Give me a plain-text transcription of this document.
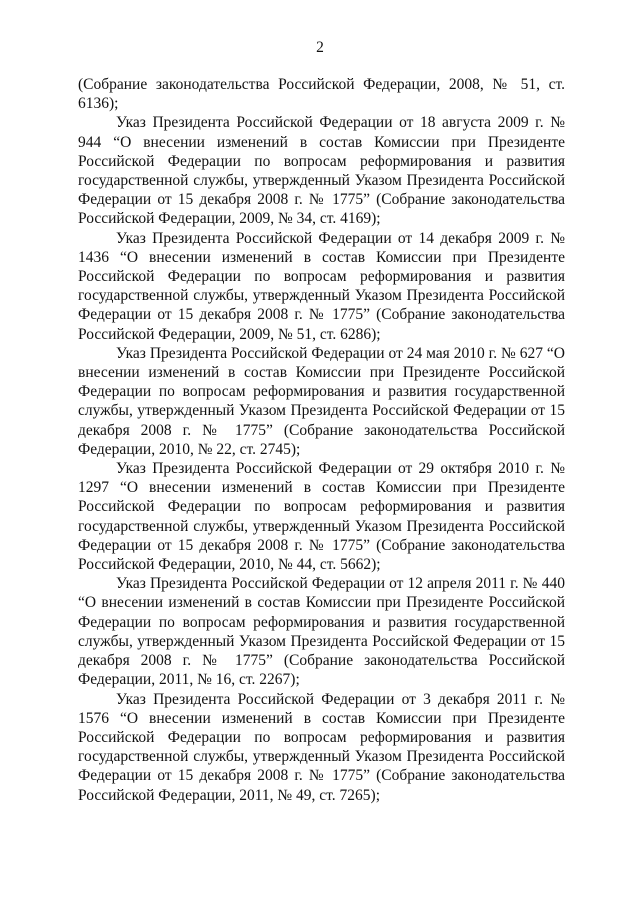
2

(Собрание законодательства Российской Федерации, 2008, № 51, ст. 6136);

Указ Президента Российской Федерации от 18 августа 2009 г. № 944 “О внесении изменений в состав Комиссии при Президенте Российской Федерации по вопросам реформирования и развития государственной службы, утвержденный Указом Президента Российской Федерации от 15 декабря 2008 г. № 1775” (Собрание законодательства Российской Федерации, 2009, № 34, ст. 4169);

Указ Президента Российской Федерации от 14 декабря 2009 г. № 1436 “О внесении изменений в состав Комиссии при Президенте Российской Федерации по вопросам реформирования и развития государственной службы, утвержденный Указом Президента Российской Федерации от 15 декабря 2008 г. № 1775” (Собрание законодательства Российской Федерации, 2009, № 51, ст. 6286);

Указ Президента Российской Федерации от 24 мая 2010 г. № 627 “О внесении изменений в состав Комиссии при Президенте Российской Федерации по вопросам реформирования и развития государственной службы, утвержденный Указом Президента Российской Федерации от 15 декабря 2008 г. № 1775” (Собрание законодательства Российской Федерации, 2010, № 22, ст. 2745);

Указ Президента Российской Федерации от 29 октября 2010 г. № 1297 “О внесении изменений в состав Комиссии при Президенте Российской Федерации по вопросам реформирования и развития государственной службы, утвержденный Указом Президента Российской Федерации от 15 декабря 2008 г. № 1775” (Собрание законодательства Российской Федерации, 2010, № 44, ст. 5662);

Указ Президента Российской Федерации от 12 апреля 2011 г. № 440 “О внесении изменений в состав Комиссии при Президенте Российской Федерации по вопросам реформирования и развития государственной службы, утвержденный Указом Президента Российской Федерации от 15 декабря 2008 г. № 1775” (Собрание законодательства Российской Федерации, 2011, № 16, ст. 2267);

Указ Президента Российской Федерации от 3 декабря 2011 г. № 1576 “О внесении изменений в состав Комиссии при Президенте Российской Федерации по вопросам реформирования и развития государственной службы, утвержденный Указом Президента Российской Федерации от 15 декабря 2008 г. № 1775” (Собрание законодательства Российской Федерации, 2011, № 49, ст. 7265);
